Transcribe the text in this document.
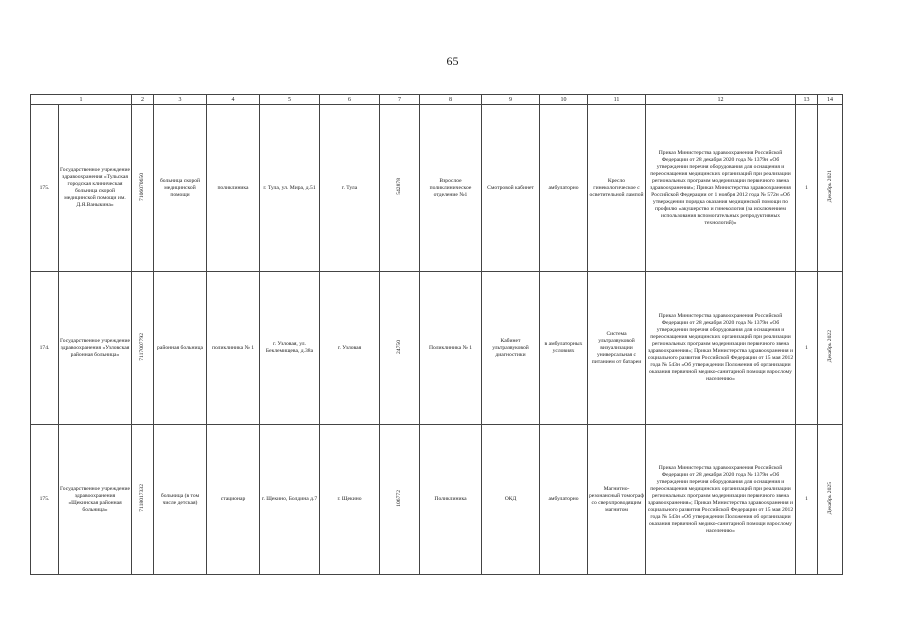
65
1		2	3	4	5	6	7	8	9	10	11	12	13	14
175.	Государственное учреждение здравоохранения «Тульская городская клиническая больница скорой медицинской помощи им. Д.Я.Ваныкина»	7106070650	больница скорой медицинской помощи	поликлиника	г. Тула, ул. Мира, д.51	г. Тула	542878	Взрослое поликлиническое отделение №1	Смотровой кабинет	амбулаторно	Кресло гинекологическое с осветительной лампой	Приказ Министерства здравоохранения Российской Федерации от 28 декабря 2020 года № 1379н «Об утверждении перечня оборудования для оснащения и переоснащения медицинских организаций при реализации региональных программ модернизации первичного звена здравоохранения»; Приказ Министерства здравоохранения Российской Федерации от 1 ноября 2012 года № 572н «Об утверждении порядка оказания медицинской помощи по профилю «акушерство и гинекология (за исключением использования вспомогательных репродуктивных технологий)»	1	Декабрь 2021
174.	Государственное учреждение здравоохранения «Узловская районная больница»	7117007792	районная больница	поликлиника № 1	г. Узловая, ул. Беклемищева, д.38а	г. Узловая	24750	Поликлиника № 1	Кабинет ультразвуковой диагностики	в амбулаторных условиях	Система ультразвуковой визуализации универсальная с питанием от батареи	Приказ Министерства здравоохранения Российской Федерации от 28 декабря 2020 года № 1379н «Об утверждении перечня оборудования для оснащения и переоснащения медицинских организаций при реализации региональных программ модернизации первичного звена здравоохранения»; Приказ Министерства здравоохранения и социального развития Российской Федерации от 15 мая 2012 года № 543н «Об утверждении Положения об организации оказания первичной медико-санитарной помощи взрослому населению»	1	Декабрь 2022
175.	Государственное учреждение здравоохранения «Щекинская районная больница»	7118017332	больница (в том числе детская)	стационар	г. Щекино, Болдина д.7	г. Щекино	106772	Поликлиника	ОКД	амбулаторно	Магнитно-резонансный томограф со сверхпроводящим магнитом	Приказ Министерства здравоохранения Российской Федерации от 28 декабря 2020 года № 1379н «Об утверждении перечня оборудования для оснащения и переоснащения медицинских организаций при реализации региональных программ модернизации первичного звена здравоохранения»; Приказ Министерства здравоохранения и социального развития Российской Федерации от 15 мая 2012 года № 543н «Об утверждении Положения об организации оказания первичной медико-санитарной помощи взрослому населению»	1	Декабрь 2025
